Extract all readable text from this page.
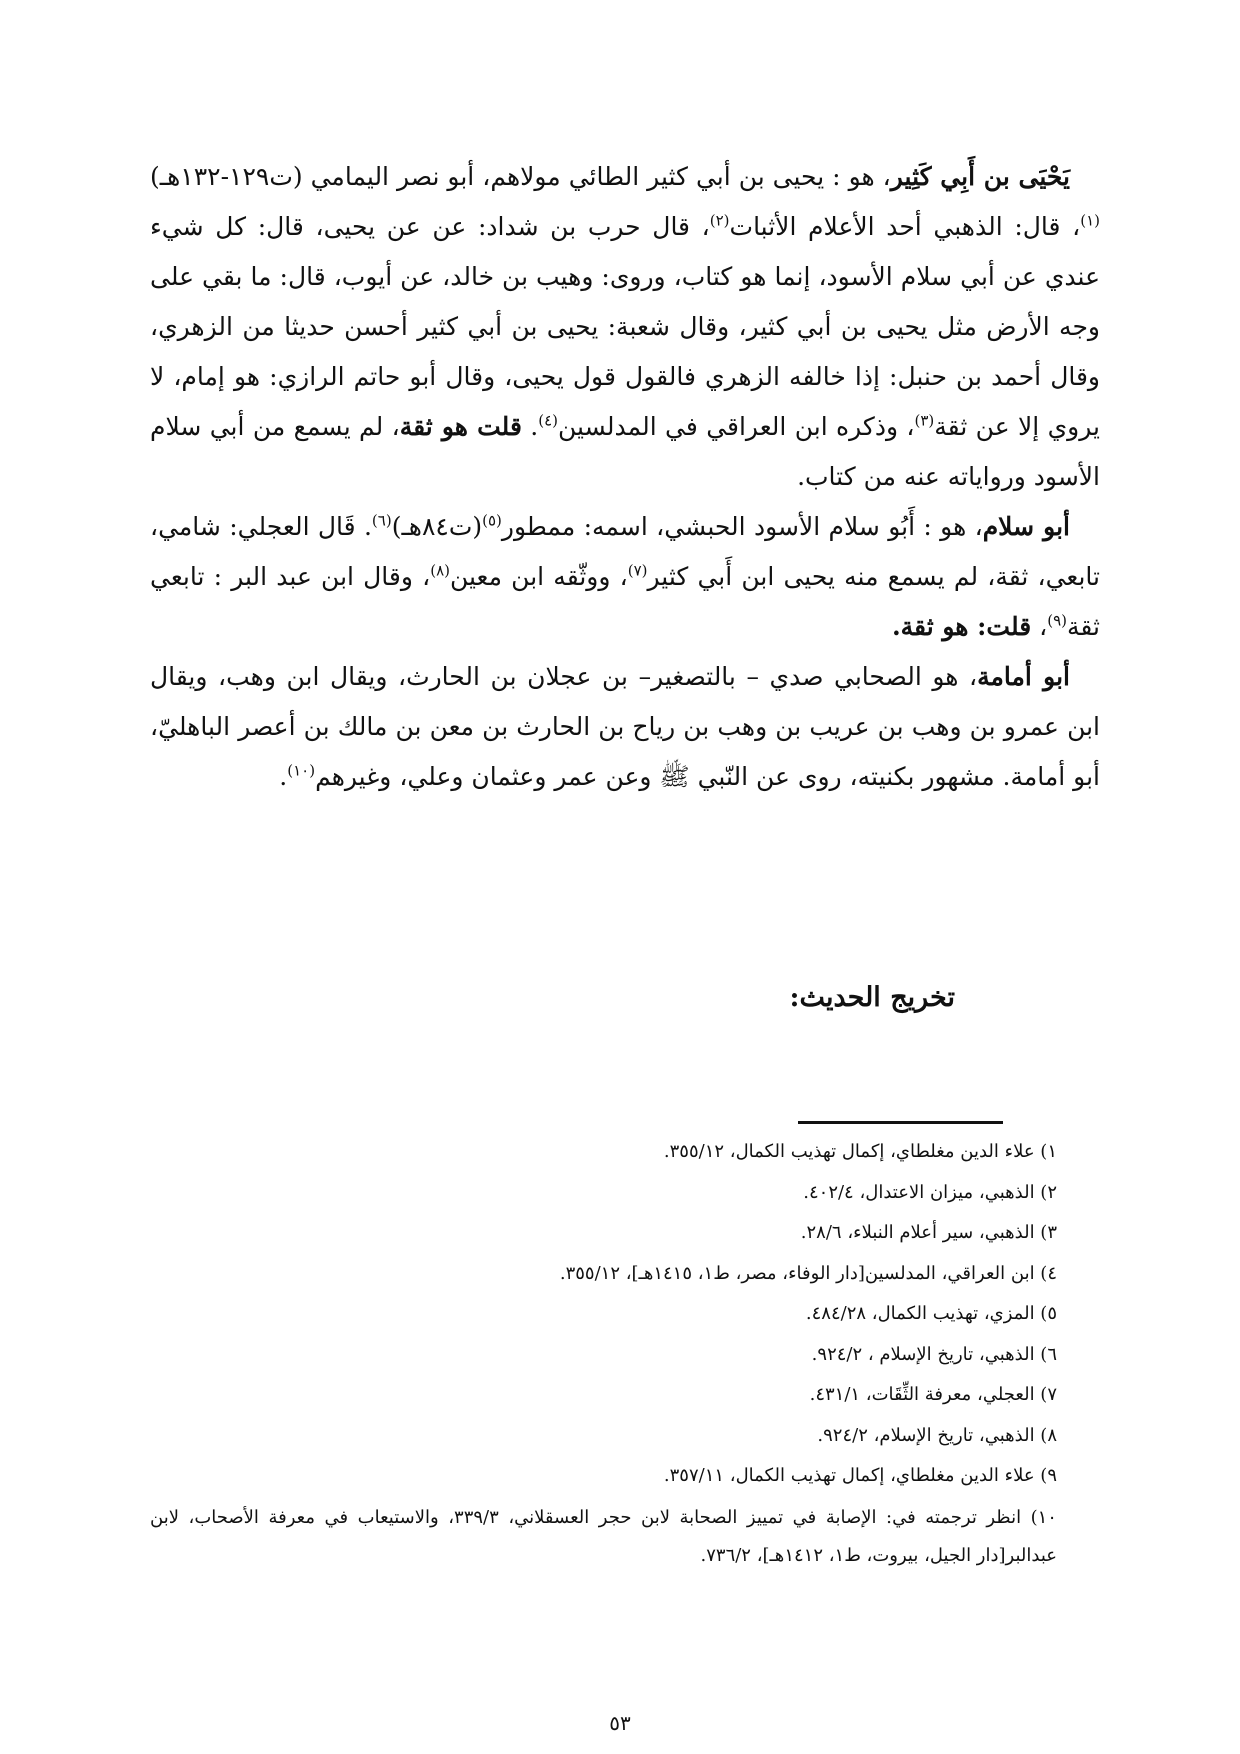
يَحْيَى بن أَبِي كَثِير، هو : يحيى بن أبي كثير الطائي مولاهم، أبو نصر اليمامي (ت١٢٩-١٣٢هـ)$^{(١)}$، قال: الذهبي أحد الأعلام الأثبات$^{(٢)}$، قال حرب بن شداد: عن عن يحيى، قال: كل شيء عندي عن أبي سلام الأسود، إنما هو كتاب، وروى: وهيب بن خالد، عن أيوب، قال: ما بقي على وجه الأرض مثل يحيى بن أبي كثير، وقال شعبة: يحيى بن أبي كثير أحسن حديثا من الزهري، وقال أحمد بن حنبل: إذا خالفه الزهري فالقول قول يحيى، وقال أبو حاتم الرازي: هو إمام، لا يروي إلا عن ثقة$^{(٣)}$، وذكره ابن العراقي في المدلسين$^{(٤)}$. قلت هو ثقة، لم يسمع من أبي سلام الأسود ورواياته عنه من كتاب.

أبو سلام، هو : أَبُو سلام الأسود الحبشي، اسمه: ممطور$^{(٥)}$(ت٨٤هـ)$^{(٦)}$. قَال العجلي: شامي، تابعي، ثقة، لم يسمع منه يحيى ابن أَبي كثير$^{(٧)}$، ووثّقه ابن معين$^{(٨)}$، وقال ابن عبد البر : تابعي ثقة$^{(٩)}$، قلت: هو ثقة.

أبو أمامة، هو الصحابي صدي – بالتصغير– بن عجلان بن الحارث، ويقال ابن وهب، ويقال ابن عمرو بن وهب بن عريب بن وهب بن رياح بن الحارث بن معن بن مالك بن أعصر الباهليّ، أبو أمامة. مشهور بكنيته، روى عن النّبي ﷺ وعن عمر وعثمان وعلي، وغيرهم$^{(١٠)}$.

تخريج الحديث:
١) علاء الدين مغلطاي، إكمال تهذيب الكمال، ٣٥٥/١٢.
٢) الذهبي، ميزان الاعتدال، ٤٠٢/٤.
٣) الذهبي، سير أعلام النبلاء، ٢٨/٦.
٤) ابن العراقي، المدلسين[دار الوفاء، مصر، ط١، ١٤١٥هـ]، ٣٥٥/١٢.
٥) المزي، تهذيب الكمال، ٤٨٤/٢٨.
٦) الذهبي، تاريخ الإسلام ، ٩٢٤/٢.
٧) العجلي، معرفة الثِّقَات، ٤٣١/١.
٨) الذهبي، تاريخ الإسلام، ٩٢٤/٢.
٩) علاء الدين مغلطاي، إكمال تهذيب الكمال، ٣٥٧/١١.
١٠) انظر ترجمته في: الإصابة في تمييز الصحابة لابن حجر العسقلاني، ٣٣٩/٣، والاستيعاب في معرفة الأصحاب، لابن عبدالبر[دار الجيل، بيروت، ط١، ١٤١٢هـ]، ٧٣٦/٢.
٥٣
